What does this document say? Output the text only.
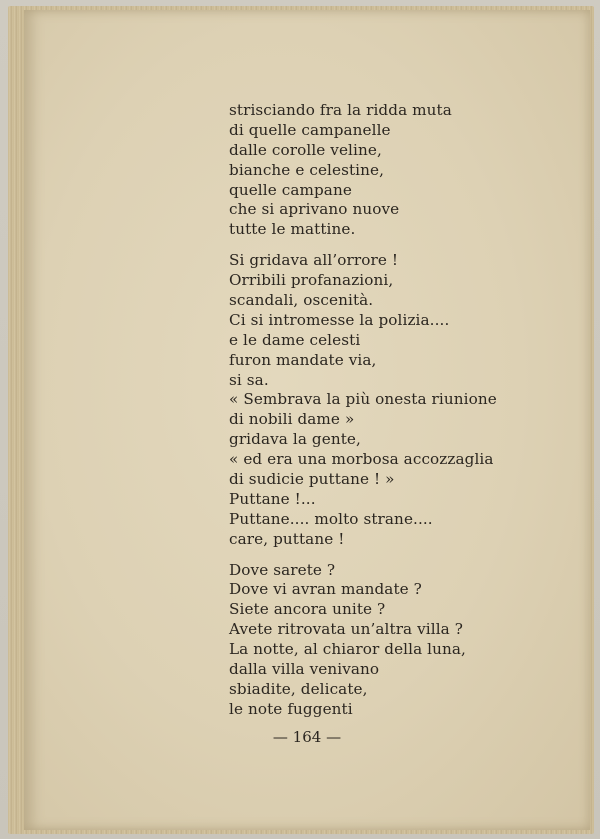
strisciando fra la ridda muta
di quelle campanelle
dalle corolle veline,
bianche e celestine,
quelle campane
che si aprivano nuove
tutte le mattine.
Si gridava all’orrore !
Orribili profanazioni,
scandali, oscenità.
Ci si intromesse la polizia....
e le dame celesti
furon mandate via,
si sa.
« Sembrava la più onesta riunione
di nobili dame »
gridava la gente,
« ed era una morbosa accozzaglia
di sudicie puttane ! »
Puttane !...
Puttane.... molto strane....
care, puttane !
Dove sarete ?
Dove vi avran mandate ?
Siete ancora unite ?
Avete ritrovata un’altra villa ?
La notte, al chiaror della luna,
dalla villa venivano
sbiadite, delicate,
le note fuggenti
— 164 —
